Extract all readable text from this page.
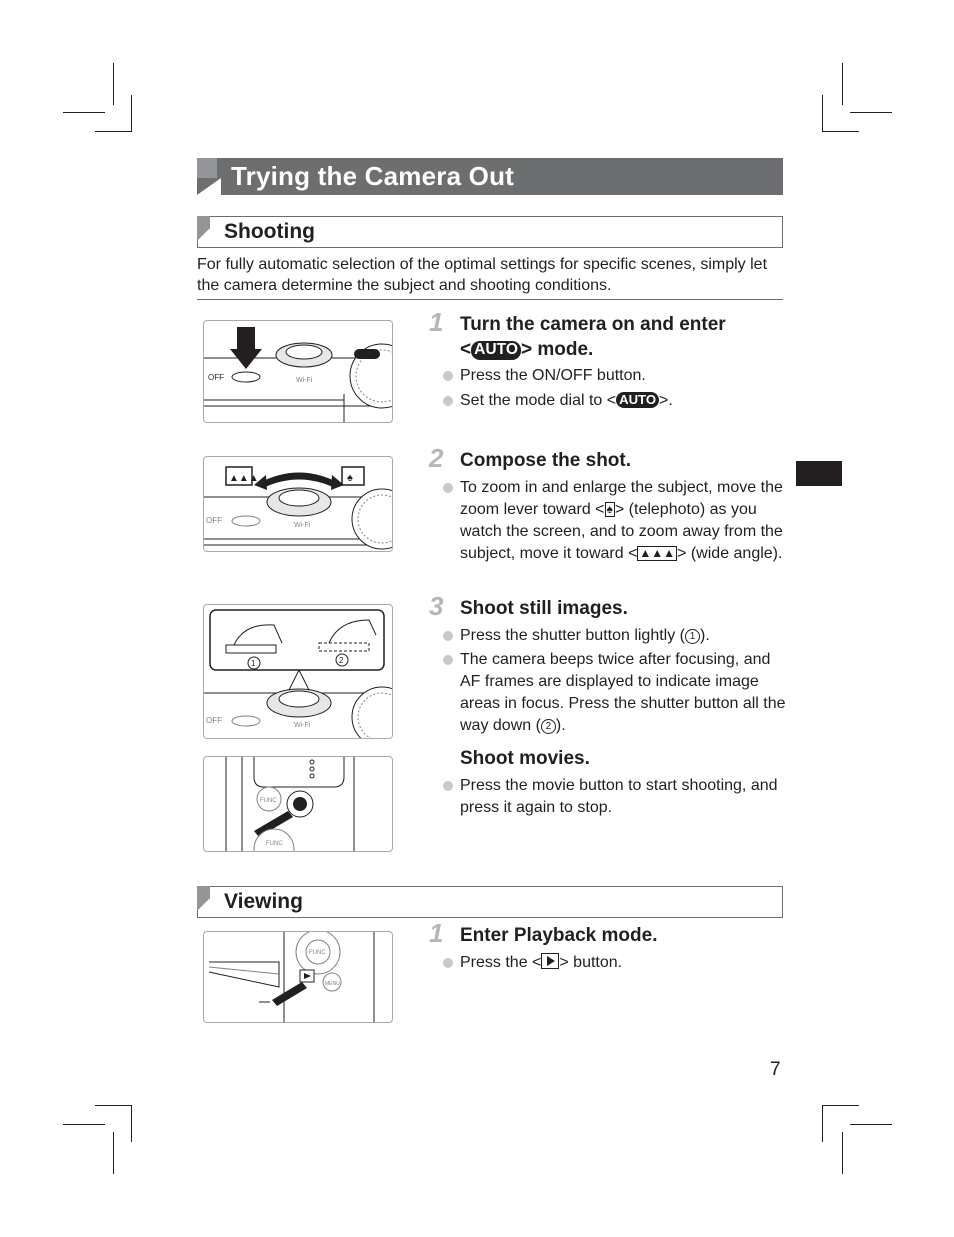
Trying the Camera Out
Shooting
For fully automatic selection of the optimal settings for specific scenes, simply let the camera determine the subject and shooting conditions.
1 Turn the camera on and enter
< AUTO > mode.
Press the ON/OFF button.
Set the mode dial to < AUTO >.
OFF	Wi-Fi
2 Compose the shot.
To zoom in and enlarge the subject, move the zoom lever toward < ♠ > (telephoto) as you watch the screen, and to zoom away from the subject, move it toward < ▲▲▲ > (wide angle).
▲▲▲	♠
OFF
Wi-Fi
3 Shoot still images.
Press the shutter button lightly ( 1 ).
The camera beeps twice after focusing, and AF frames are displayed to indicate image areas in focus. Press the shutter button all the way down ( 2 ).
1	2
OFF
Wi-Fi
Shoot movies.
Press the movie button to start shooting, and press it again to stop.
FUNC
FUNC
Viewing
1 Enter Playback mode.
Press the < > button.
FUNC
MENU
7
